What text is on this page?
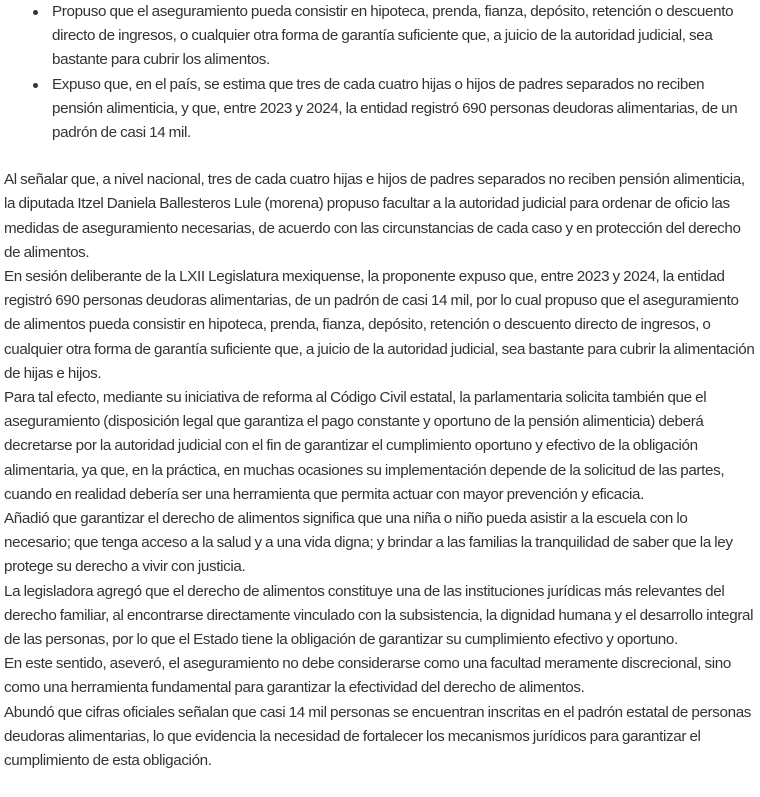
Propuso que el aseguramiento pueda consistir en hipoteca, prenda, fianza, depósito, retención o descuento directo de ingresos, o cualquier otra forma de garantía suficiente que, a juicio de la autoridad judicial, sea bastante para cubrir los alimentos.
Expuso que, en el país, se estima que tres de cada cuatro hijas o hijos de padres separados no reciben pensión alimenticia, y que, entre 2023 y 2024, la entidad registró 690 personas deudoras alimentarias, de un padrón de casi 14 mil.

Al señalar que, a nivel nacional, tres de cada cuatro hijas e hijos de padres separados no reciben pensión alimenticia, la diputada Itzel Daniela Ballesteros Lule (morena) propuso facultar a la autoridad judicial para ordenar de oficio las medidas de aseguramiento necesarias, de acuerdo con las circunstancias de cada caso y en protección del derecho de alimentos.

En sesión deliberante de la LXII Legislatura mexiquense, la proponente expuso que, entre 2023 y 2024, la entidad registró 690 personas deudoras alimentarias, de un padrón de casi 14 mil, por lo cual propuso que el aseguramiento de alimentos pueda consistir en hipoteca, prenda, fianza, depósito, retención o descuento directo de ingresos, o cualquier otra forma de garantía suficiente que, a juicio de la autoridad judicial, sea bastante para cubrir la alimentación de hijas e hijos.

Para tal efecto, mediante su iniciativa de reforma al Código Civil estatal, la parlamentaria solicita también que el aseguramiento (disposición legal que garantiza el pago constante y oportuno de la pensión alimenticia) deberá decretarse por la autoridad judicial con el fin de garantizar el cumplimiento oportuno y efectivo de la obligación alimentaria, ya que, en la práctica, en muchas ocasiones su implementación depende de la solicitud de las partes, cuando en realidad debería ser una herramienta que permita actuar con mayor prevención y eficacia.

Añadió que garantizar el derecho de alimentos significa que una niña o niño pueda asistir a la escuela con lo necesario; que tenga acceso a la salud y a una vida digna; y brindar a las familias la tranquilidad de saber que la ley protege su derecho a vivir con justicia.

La legisladora agregó que el derecho de alimentos constituye una de las instituciones jurídicas más relevantes del derecho familiar, al encontrarse directamente vinculado con la subsistencia, la dignidad humana y el desarrollo integral de las personas, por lo que el Estado tiene la obligación de garantizar su cumplimiento efectivo y oportuno.

En este sentido, aseveró, el aseguramiento no debe considerarse como una facultad meramente discrecional, sino como una herramienta fundamental para garantizar la efectividad del derecho de alimentos.

Abundó que cifras oficiales señalan que casi 14 mil personas se encuentran inscritas en el padrón estatal de personas deudoras alimentarias, lo que evidencia la necesidad de fortalecer los mecanismos jurídicos para garantizar el cumplimiento de esta obligación.
